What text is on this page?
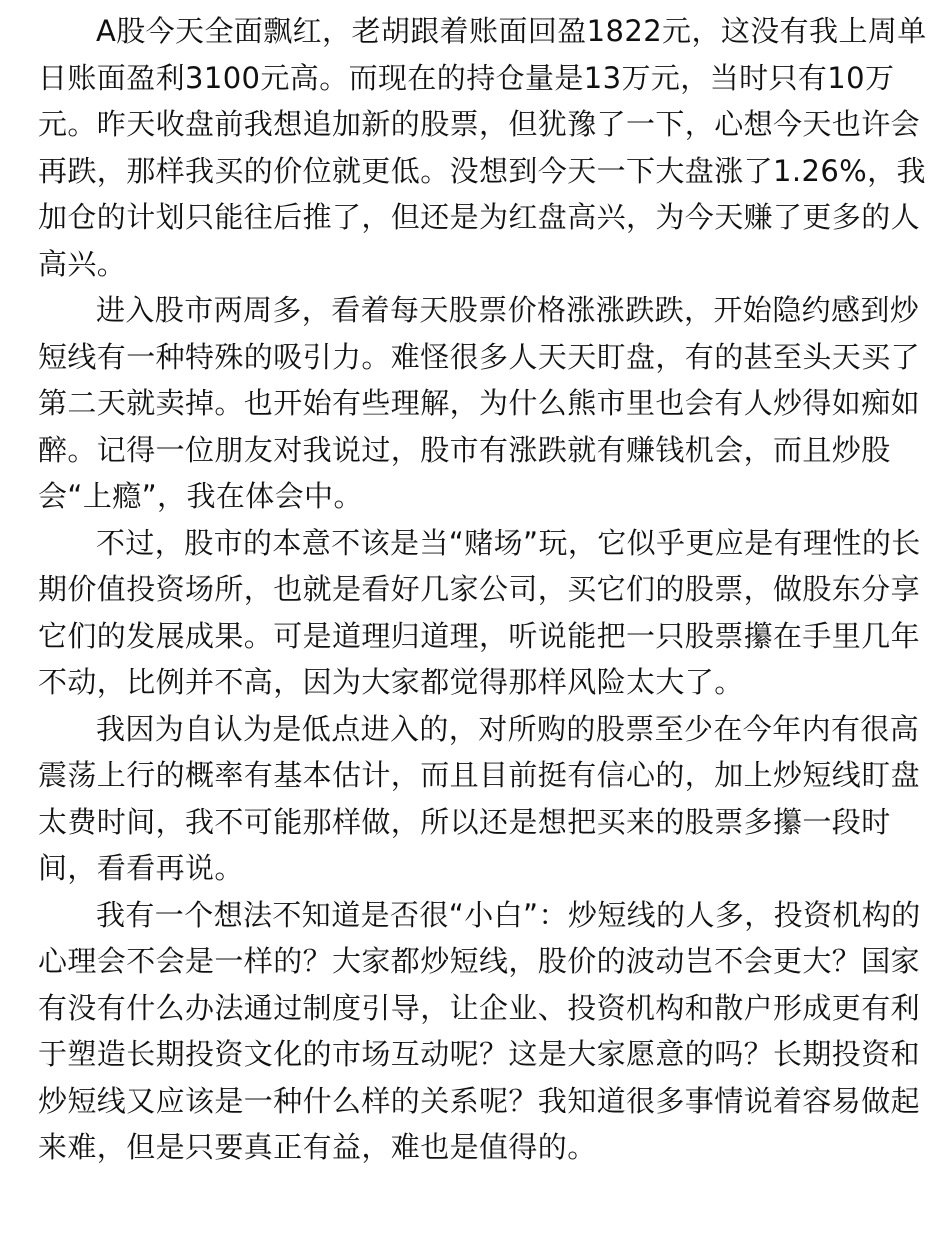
A股今天全面飘红，老胡跟着账面回盈1822元，这没有我上周单日账面盈利3100元高。而现在的持仓量是13万元，当时只有10万元。昨天收盘前我想追加新的股票，但犹豫了一下，心想今天也许会再跌，那样我买的价位就更低。没想到今天一下大盘涨了1.26%，我加仓的计划只能往后推了，但还是为红盘高兴，为今天赚了更多的人高兴。

进入股市两周多，看着每天股票价格涨涨跌跌，开始隐约感到炒短线有一种特殊的吸引力。难怪很多人天天盯盘，有的甚至头天买了第二天就卖掉。也开始有些理解，为什么熊市里也会有人炒得如痴如醉。记得一位朋友对我说过，股市有涨跌就有赚钱机会，而且炒股会“上瘾”，我在体会中。

不过，股市的本意不该是当“赌场”玩，它似乎更应是有理性的长期价值投资场所，也就是看好几家公司，买它们的股票，做股东分享它们的发展成果。可是道理归道理，听说能把一只股票攥在手里几年不动，比例并不高，因为大家都觉得那样风险太大了。

我因为自认为是低点进入的，对所购的股票至少在今年内有很高震荡上行的概率有基本估计，而且目前挺有信心的，加上炒短线盯盘太费时间，我不可能那样做，所以还是想把买来的股票多攥一段时间，看看再说。

我有一个想法不知道是否很“小白”：炒短线的人多，投资机构的心理会不会是一样的？大家都炒短线，股价的波动岂不会更大？国家有没有什么办法通过制度引导，让企业、投资机构和散户形成更有利于塑造长期投资文化的市场互动呢？这是大家愿意的吗？长期投资和炒短线又应该是一种什么样的关系呢？我知道很多事情说着容易做起来难，但是只要真正有益，难也是值得的。
